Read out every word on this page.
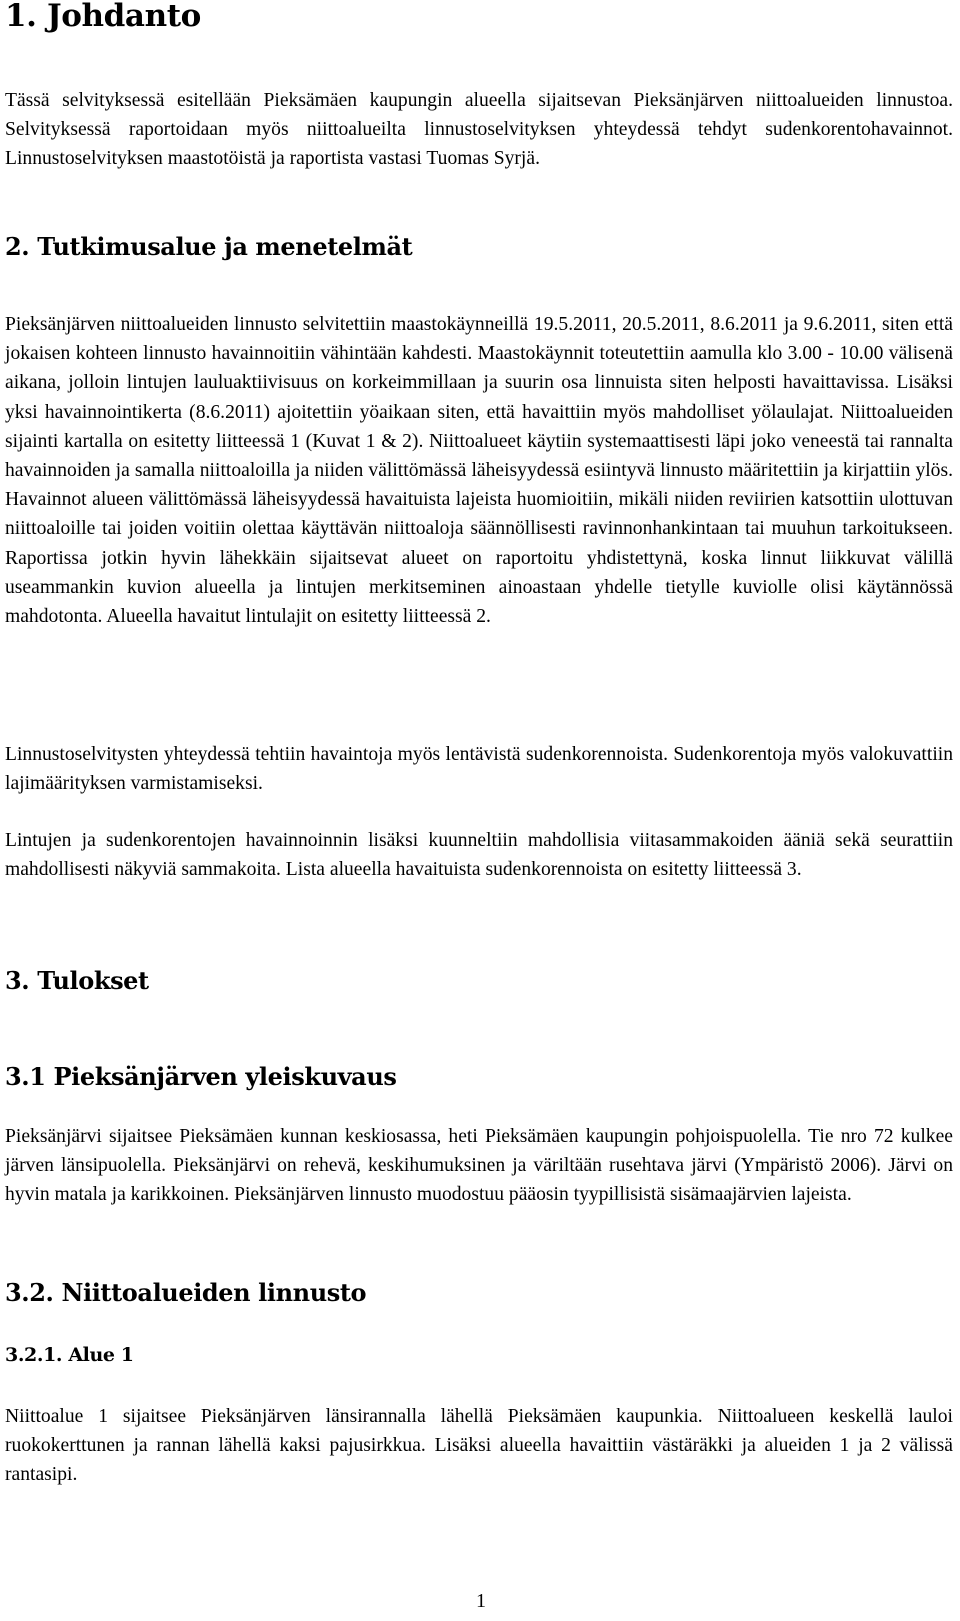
1. Johdanto

Tässä selvityksessä esitellään Pieksämäen kaupungin alueella sijaitsevan Pieksänjärven niittoalueiden linnustoa. Selvityksessä raportoidaan myös niittoalueilta linnustoselvityksen yhteydessä tehdyt sudenkorentohavainnot. Linnustoselvityksen maastotöistä ja raportista vastasi Tuomas Syrjä.

2. Tutkimusalue ja menetelmät

Pieksänjärven niittoalueiden linnusto selvitettiin maastokäynneillä 19.5.2011, 20.5.2011, 8.6.2011 ja 9.6.2011, siten että jokaisen kohteen linnusto havainnoitiin vähintään kahdesti. Maastokäynnit toteutettiin aamulla klo 3.00 - 10.00 välisenä aikana, jolloin lintujen lauluaktiivisuus on korkeimmillaan ja suurin osa linnuista siten helposti havaittavissa. Lisäksi yksi havainnointikerta (8.6.2011) ajoitettiin yöaikaan siten, että havaittiin myös mahdolliset yölaulajat. Niittoalueiden sijainti kartalla on esitetty liitteessä 1 (Kuvat 1 & 2). Niittoalueet käytiin systemaattisesti läpi joko veneestä tai rannalta havainnoiden ja samalla niittoaloilla ja niiden välittömässä läheisyydessä esiintyvä linnusto määritettiin ja kirjattiin ylös. Havainnot alueen välittömässä läheisyydessä havaituista lajeista huomioitiin, mikäli niiden reviirien katsottiin ulottuvan niittoaloille tai joiden voitiin olettaa käyttävän niittoaloja säännöllisesti ravinnonhankintaan tai muuhun tarkoitukseen. Raportissa jotkin hyvin lähekkäin sijaitsevat alueet on raportoitu yhdistettynä, koska linnut liikkuvat välillä useammankin kuvion alueella ja lintujen merkitseminen ainoastaan yhdelle tietylle kuviolle olisi käytännössä mahdotonta. Alueella havaitut lintulajit on esitetty liitteessä 2.

Linnustoselvitysten yhteydessä tehtiin havaintoja myös lentävistä sudenkorennoista. Sudenkorentoja myös valokuvattiin lajimäärityksen varmistamiseksi.

Lintujen ja sudenkorentojen havainnoinnin lisäksi kuunneltiin mahdollisia viitasammakoiden ääniä sekä seurattiin mahdollisesti näkyviä sammakoita. Lista alueella havaituista sudenkorennoista on esitetty liitteessä 3.

3. Tulokset
3.1 Pieksänjärven yleiskuvaus

Pieksänjärvi sijaitsee Pieksämäen kunnan keskiosassa, heti Pieksämäen kaupungin pohjoispuolella. Tie nro 72 kulkee järven länsipuolella. Pieksänjärvi on rehevä, keskihumuksinen ja väriltään rusehtava järvi (Ympäristö 2006). Järvi on hyvin matala ja karikkoinen. Pieksänjärven linnusto muodostuu pääosin tyypillisistä sisämaajärvien lajeista.

3.2. Niittoalueiden linnusto
3.2.1. Alue 1

Niittoalue 1 sijaitsee Pieksänjärven länsirannalla lähellä Pieksämäen kaupunkia. Niittoalueen keskellä lauloi ruokokerttunen ja rannan lähellä kaksi pajusirkkua. Lisäksi alueella havaittiin västäräkki ja alueiden 1 ja 2 välissä rantasipi.

1
